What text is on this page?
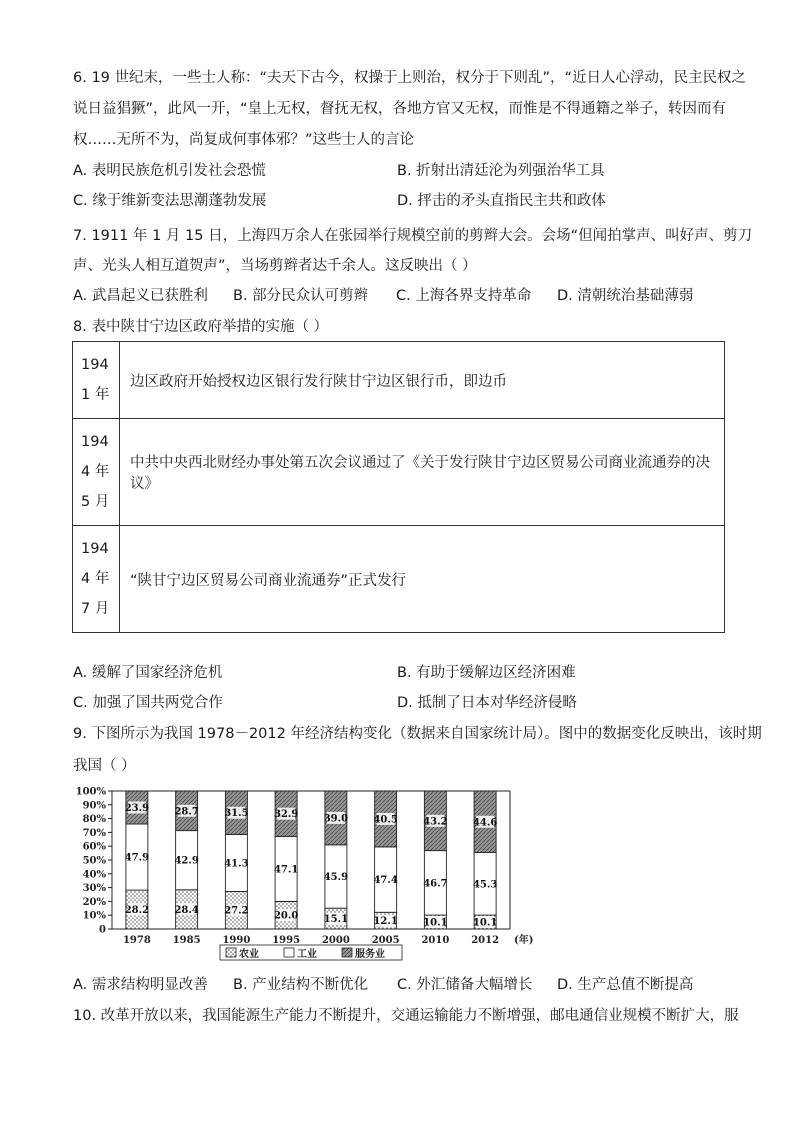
6. 19 世纪末，一些士人称：“夫天下古今，权操于上则治，权分于下则乱”，“近日人心浮动，民主民权之
说日益猖獗”，此风一开，“皇上无权，督抚无权，各地方官又无权，而惟是不得通籍之举子，转因而有
权……无所不为，尚复成何事体邪？”这些士人的言论
A. 表明民族危机引发社会恐慌	B. 折射出清廷沦为列强治华工具
C. 缘于维新变法思潮蓬勃发展	D. 抨击的矛头直指民主共和政体
7. 1911 年 1 月 15 日，上海四万余人在张园举行规模空前的剪辫大会。会场“但闻拍掌声、叫好声、剪刀
声、光头人相互道贺声”，当场剪辫者达千余人。这反映出（ ）
A. 武昌起义已获胜利 B. 部分民众认可剪辫 C. 上海各界支持革命 D. 清朝统治基础薄弱
8. 表中陕甘宁边区政府举措的实施（ ）
1941 年	边区政府开始授权边区银行发行陕甘宁边区银行币，即边币
1944 年 5 月	中共中央西北财经办事处第五次会议通过了《关于发行陕甘宁边区贸易公司商业流通券的决议》
1944 年 7 月	“陕甘宁边区贸易公司商业流通券”正式发行
A. 缓解了国家经济危机	B. 有助于缓解边区经济困难
C. 加强了国共两党合作	D. 抵制了日本对华经济侵略
9. 下图所示为我国 1978－2012 年经济结构变化（数据来自国家统计局）。图中的数据变化反映出，该时期
我国（ ）
0
10%
20%
30%
40%
50%
60%
70%
80%
90%
100%
1978 1985 1990 1995 2000 2005 2010 2012 (年)
28.2
47.9
23.9
28.4
42.9
28.7
27.2
41.3
31.5
20.0
47.1
32.9
15.1
45.9
39.0
12.1
47.4
40.5
10.1
46.7
43.2
10.1
45.3
44.6
农业	工业	服务业
A. 需求结构明显改善 B. 产业结构不断优化 C. 外汇储备大幅增长 D. 生产总值不断提高
10. 改革开放以来，我国能源生产能力不断提升，交通运输能力不断增强，邮电通信业规模不断扩大，服
